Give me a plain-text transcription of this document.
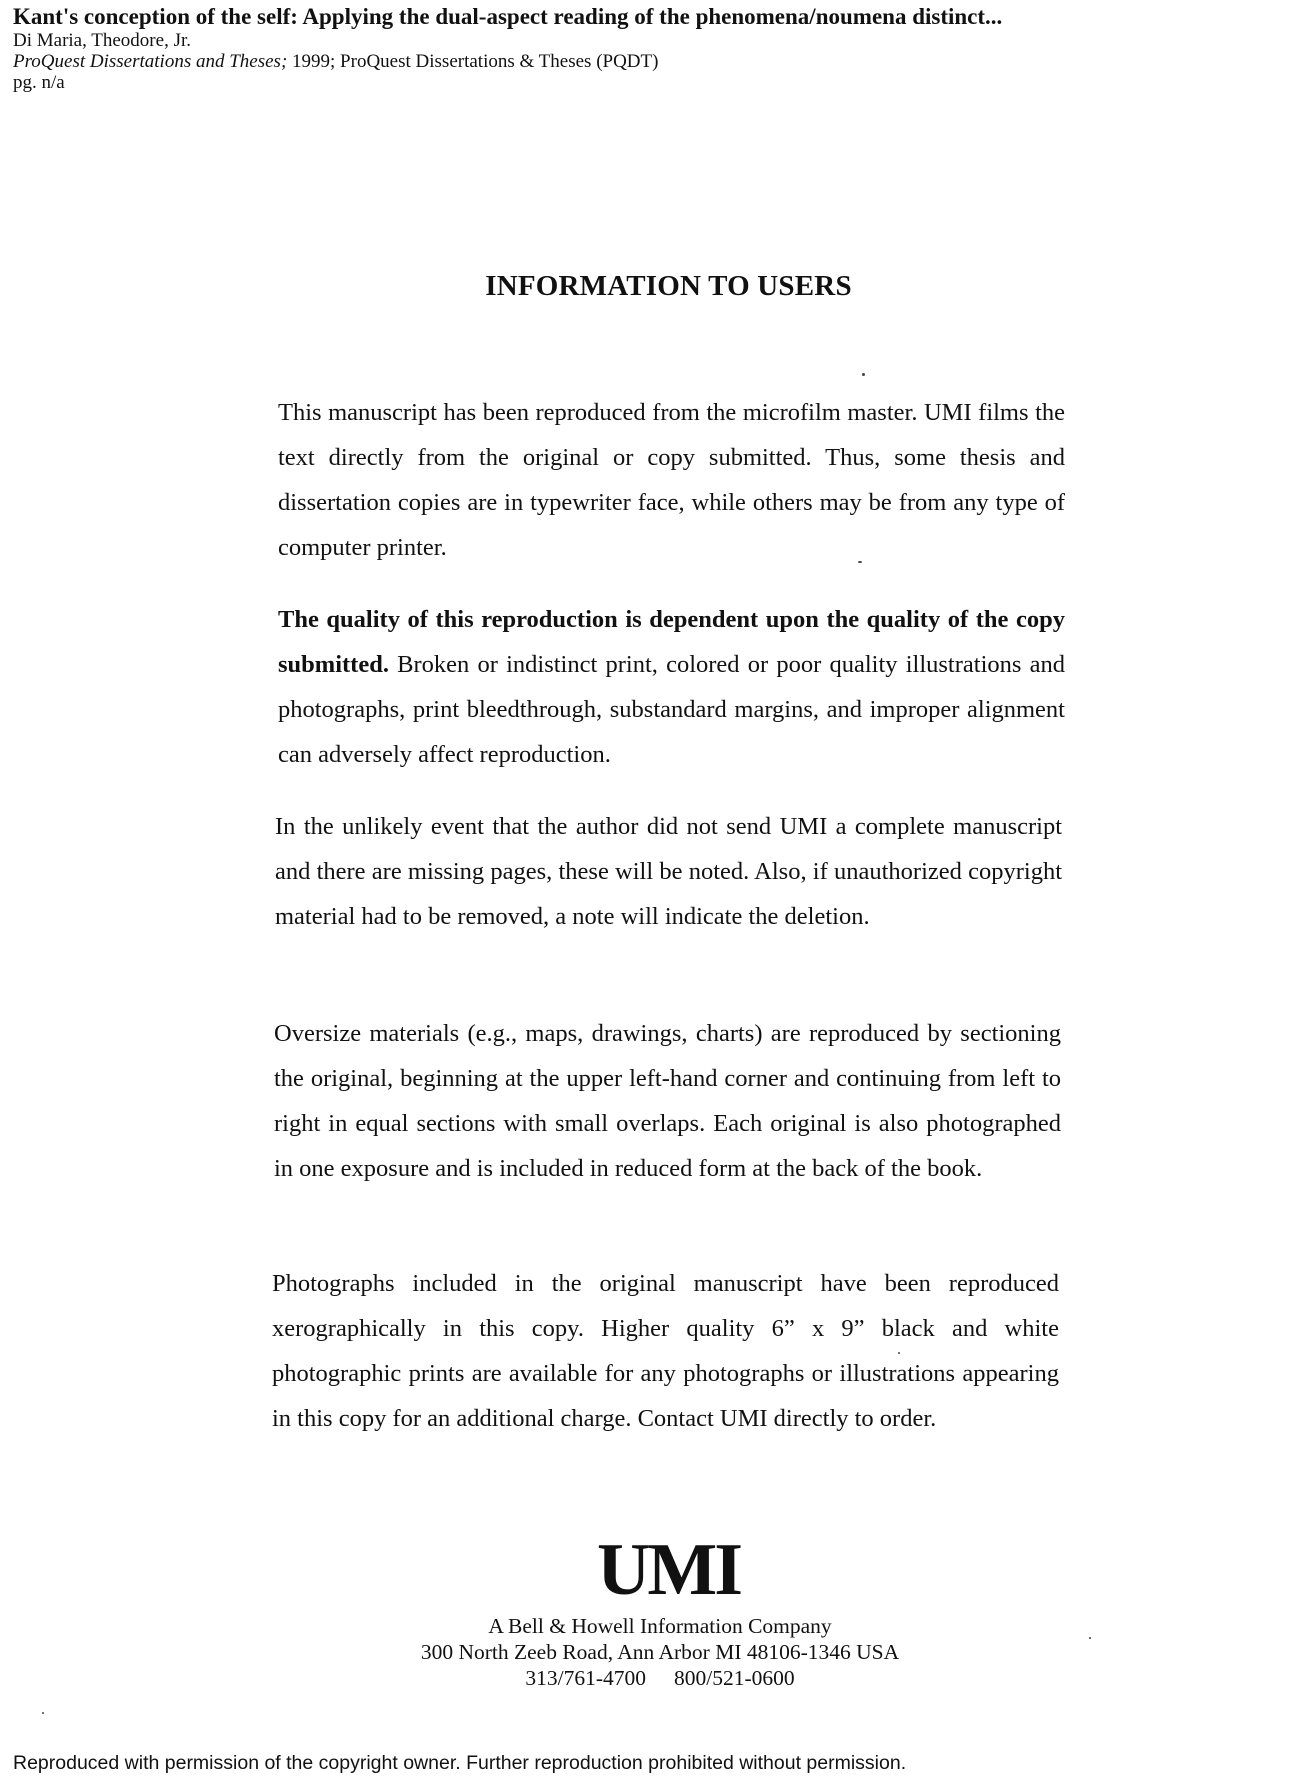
Kant's conception of the self: Applying the dual-aspect reading of the phenomena/noumena distinct...
Di Maria, Theodore, Jr.
ProQuest Dissertations and Theses; 1999; ProQuest Dissertations & Theses (PQDT)
pg. n/a
INFORMATION TO USERS

This manuscript has been reproduced from the microfilm master. UMI films the text directly from the original or copy submitted. Thus, some thesis and dissertation copies are in typewriter face, while others may be from any type of computer printer.

The quality of this reproduction is dependent upon the quality of the copy submitted. Broken or indistinct print, colored or poor quality illustrations and photographs, print bleedthrough, substandard margins, and improper alignment can adversely affect reproduction.

In the unlikely event that the author did not send UMI a complete manuscript and there are missing pages, these will be noted. Also, if unauthorized copyright material had to be removed, a note will indicate the deletion.

Oversize materials (e.g., maps, drawings, charts) are reproduced by sectioning the original, beginning at the upper left-hand corner and continuing from left to right in equal sections with small overlaps. Each original is also photographed in one exposure and is included in reduced form at the back of the book.

Photographs included in the original manuscript have been reproduced xerographically in this copy. Higher quality 6” x 9” black and white photographic prints are available for any photographs or illustrations appearing in this copy for an additional charge. Contact UMI directly to order.

UMI
A Bell & Howell Information Company
300 North Zeeb Road, Ann Arbor MI 48106-1346 USA
313/761-4700 800/521-0600
Reproduced with permission of the copyright owner. Further reproduction prohibited without permission.
